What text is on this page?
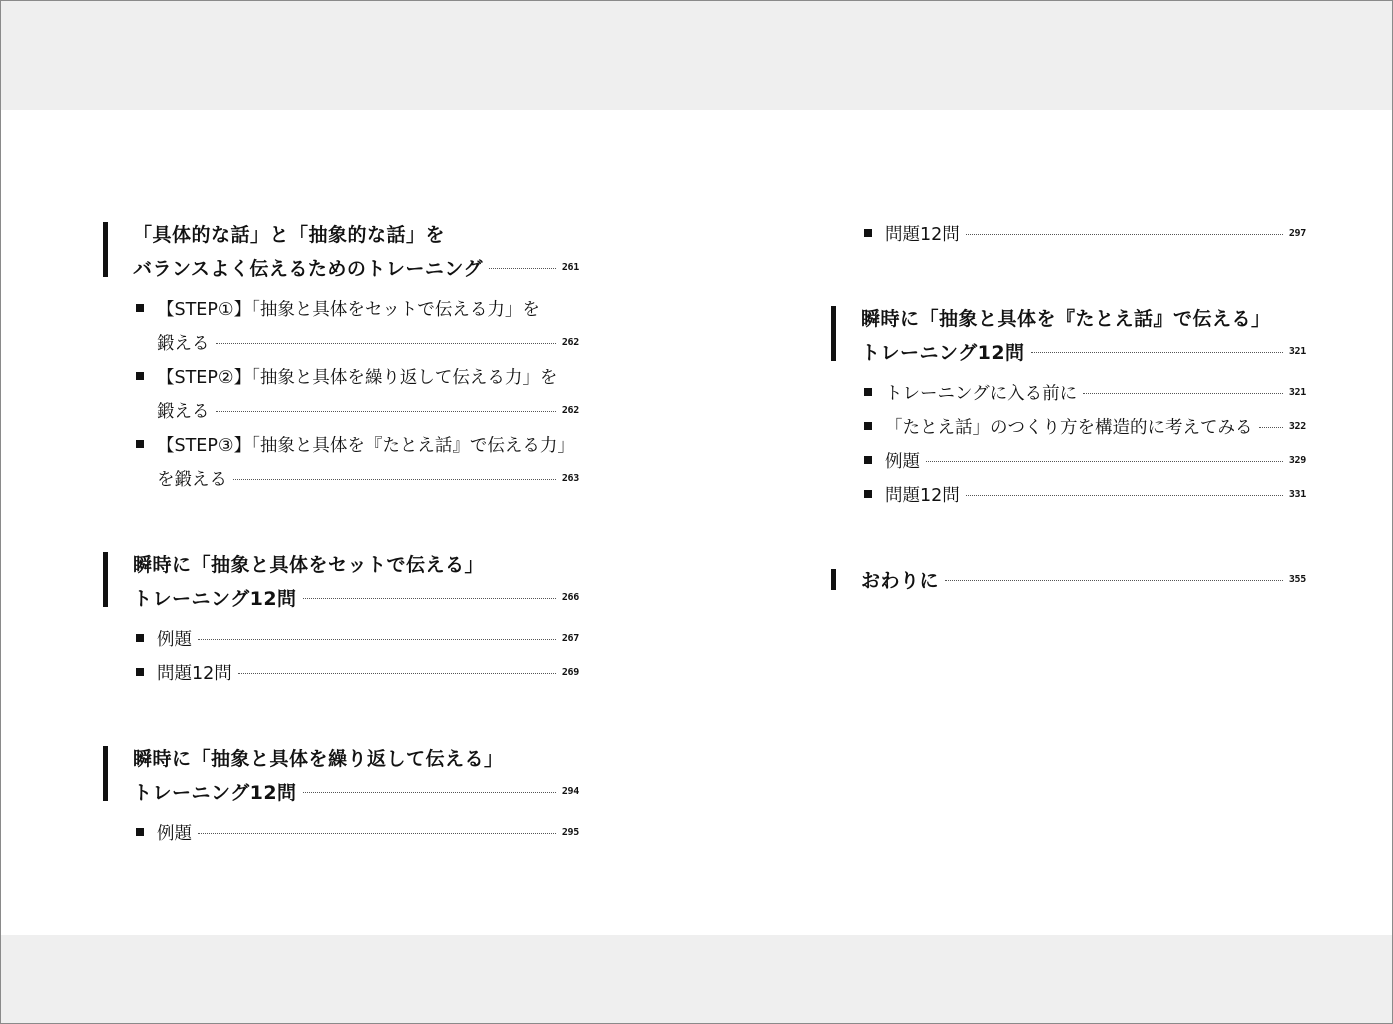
「具体的な話」と「抽象的な話」を
バランスよく伝えるためのトレーニング	261
【STEP①】「抽象と具体をセットで伝える力」を
鍛える	262
【STEP②】「抽象と具体を繰り返して伝える力」を
鍛える	262
【STEP③】「抽象と具体を『たとえ話』で伝える力」
を鍛える	263
瞬時に「抽象と具体をセットで伝える」
トレーニング12問	266
例題	267
問題12問	269
瞬時に「抽象と具体を繰り返して伝える」
トレーニング12問	294
例題	295
問題12問	297
瞬時に「抽象と具体を『たとえ話』で伝える」
トレーニング12問	321
トレーニングに入る前に	321
「たとえ話」のつくり方を構造的に考えてみる	322
例題	329
問題12問	331
おわりに	355
